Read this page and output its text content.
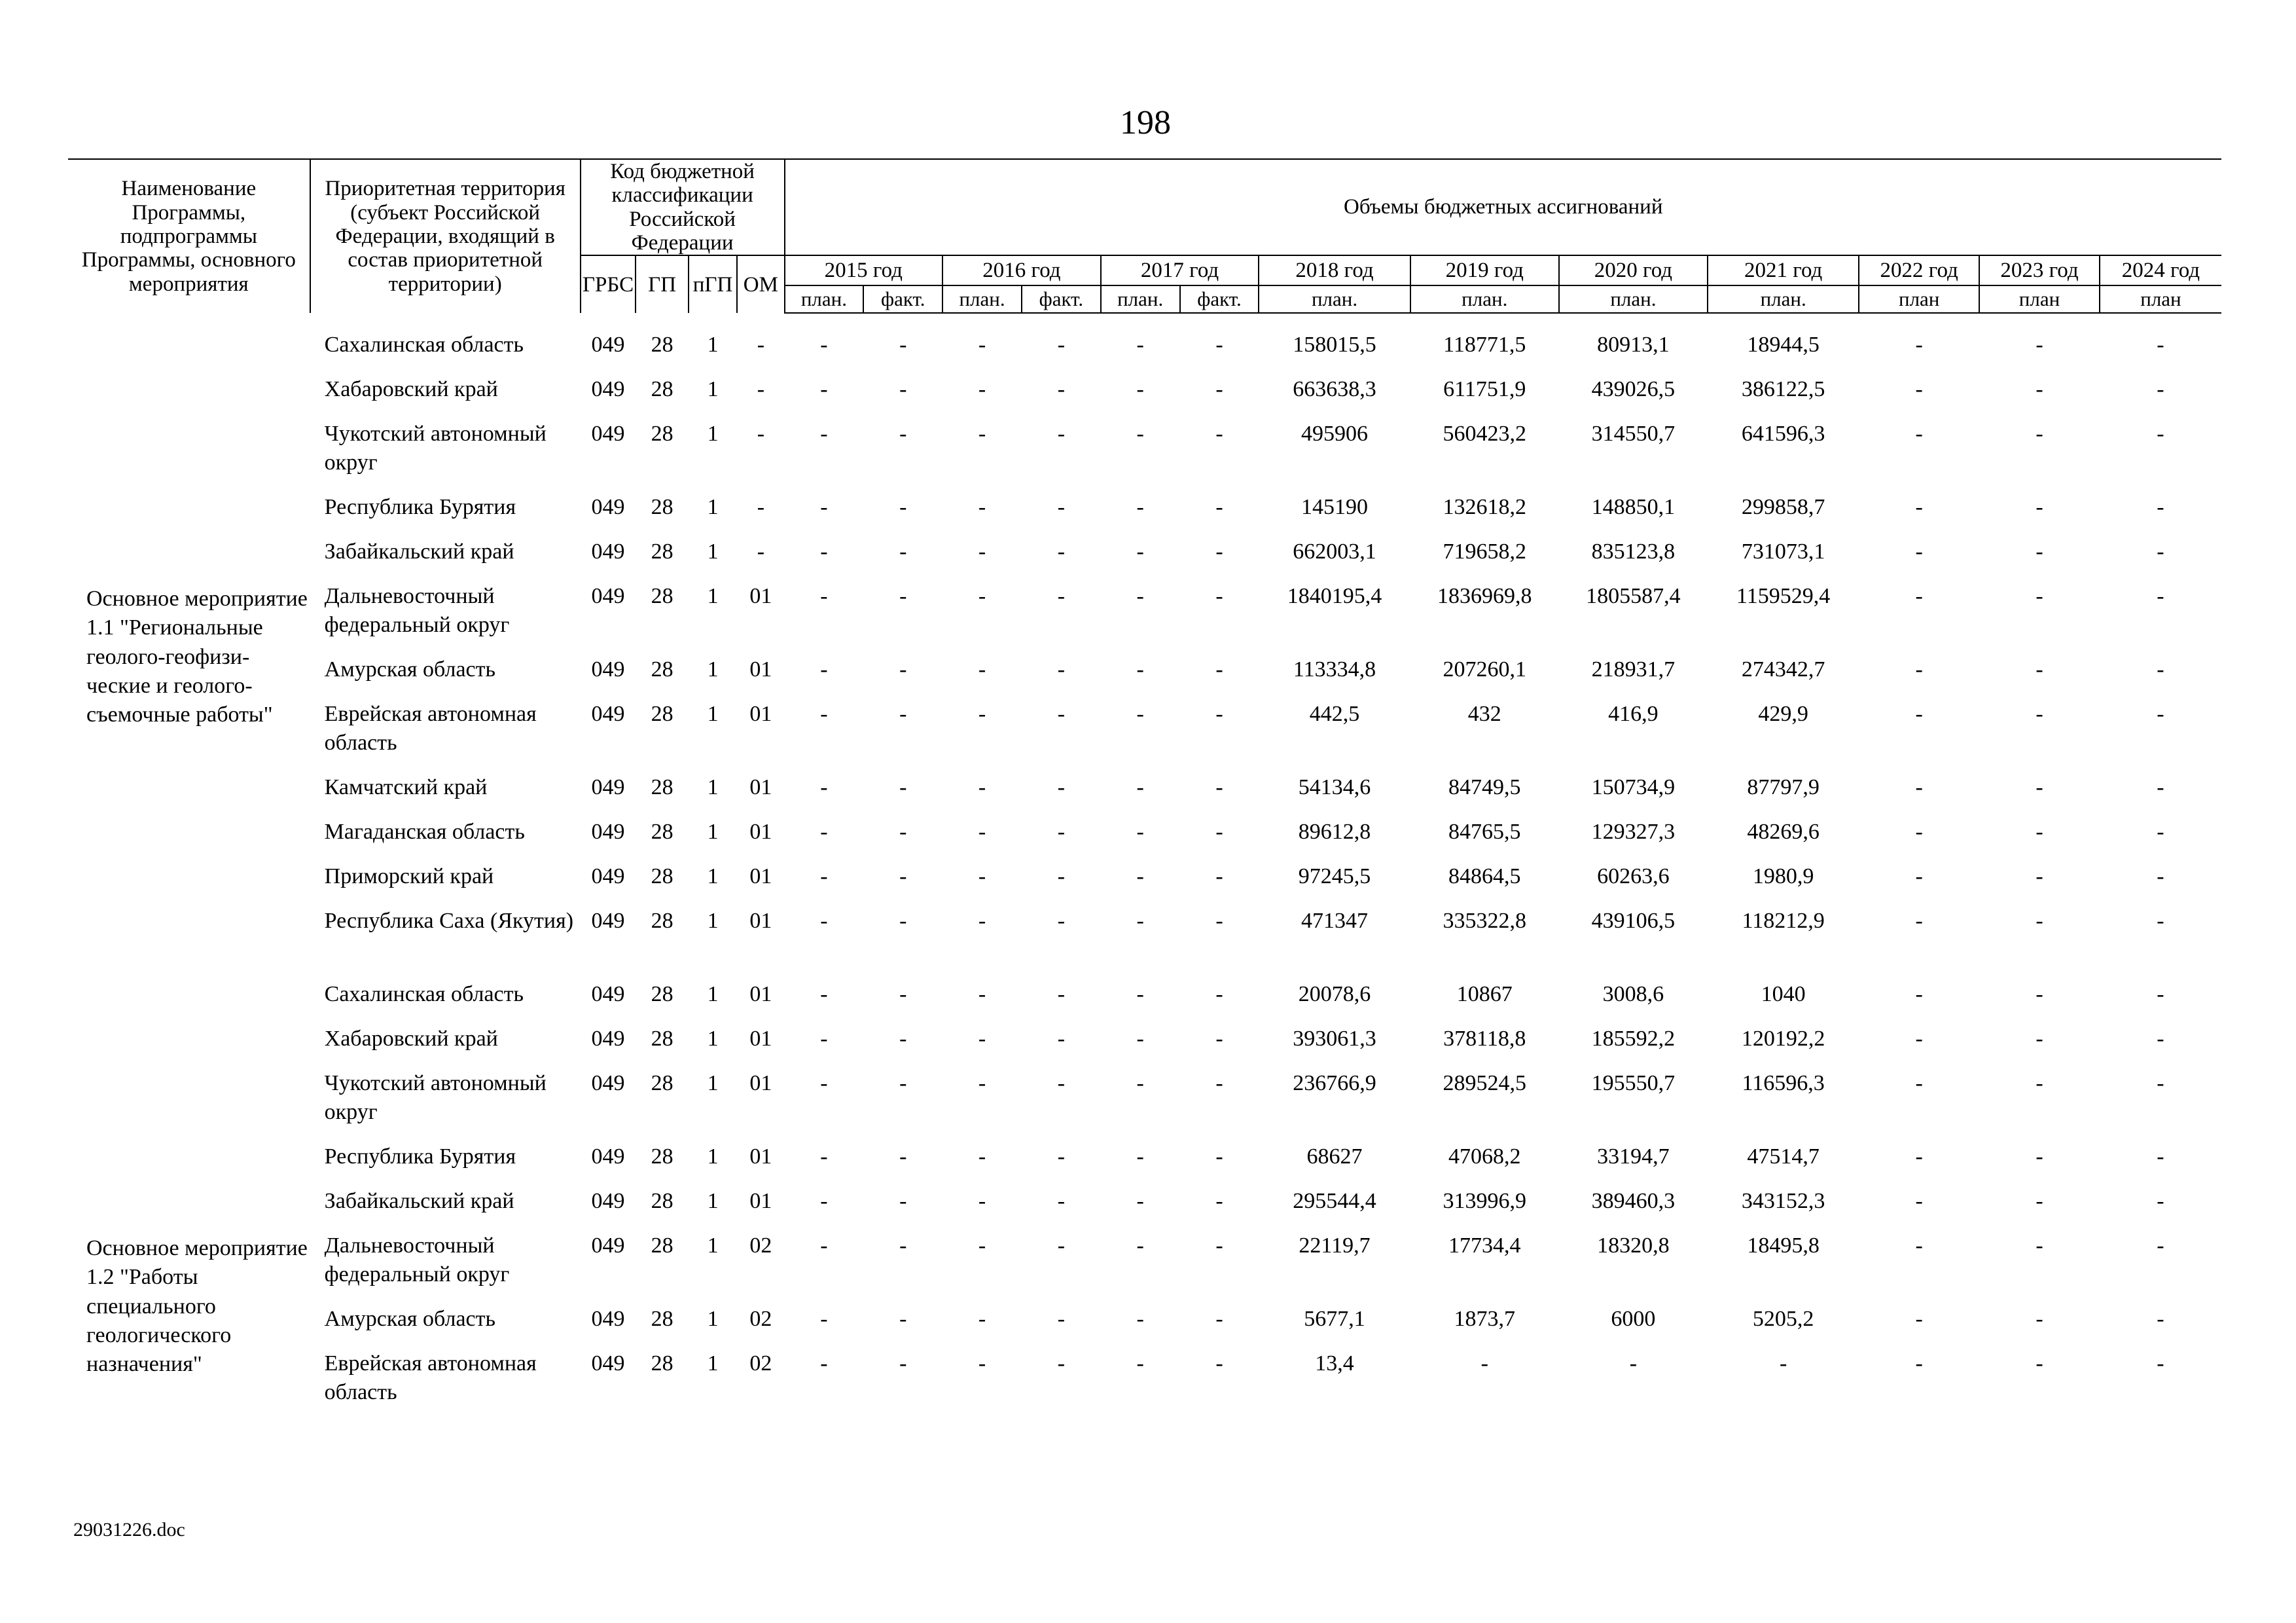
198
Наименование Программы, подпрограммы Программы, основного мероприятия	Приоритетная территория (субъект Российской Федерации, входящий в состав приоритетной территории)	Код бюджетной классификации Российской Федерации				Объемы бюджетных ассигнований												

		ГРБС	ГП	пГП	ОМ	2015 год		2016 год		2017 год		2018 год	2019 год	2020 год	2021 год	2022 год	2023 год	2024 год
						план.	факт.	план.	факт.	план.	факт.	план.	план.	план.	план.	план	план	план

	Сахалинская область	049	28	1	-	-	-	-	-	-	-	158015,5	118771,5	80913,1	18944,5	-	-	-
	Хабаровский край	049	28	1	-	-	-	-	-	-	-	663638,3	611751,9	439026,5	386122,5	-	-	-
	Чукотский автономный округ	049	28	1	-	-	-	-	-	-	-	495906	560423,2	314550,7	641596,3	-	-	-
	Республика Бурятия	049	28	1	-	-	-	-	-	-	-	145190	132618,2	148850,1	299858,7	-	-	-
	Забайкальский край	049	28	1	-	-	-	-	-	-	-	662003,1	719658,2	835123,8	731073,1	-	-	-
Основное мероприятие 1.1 "Региональные геолого-геофизи-ческие и геолого-съемочные работы"	Дальневосточный федеральный округ	049	28	1	01	-	-	-	-	-	-	1840195,4	1836969,8	1805587,4	1159529,4	-	-	-
	Амурская область	049	28	1	01	-	-	-	-	-	-	113334,8	207260,1	218931,7	274342,7	-	-	-
	Еврейская автономная область	049	28	1	01	-	-	-	-	-	-	442,5	432	416,9	429,9	-	-	-
	Камчатский край	049	28	1	01	-	-	-	-	-	-	54134,6	84749,5	150734,9	87797,9	-	-	-
	Магаданская область	049	28	1	01	-	-	-	-	-	-	89612,8	84765,5	129327,3	48269,6	-	-	-
	Приморский край	049	28	1	01	-	-	-	-	-	-	97245,5	84864,5	60263,6	1980,9	-	-	-
	Республика Саха (Якутия)	049	28	1	01	-	-	-	-	-	-	471347	335322,8	439106,5	118212,9	-	-	-
	Сахалинская область	049	28	1	01	-	-	-	-	-	-	20078,6	10867	3008,6	1040	-	-	-
	Хабаровский край	049	28	1	01	-	-	-	-	-	-	393061,3	378118,8	185592,2	120192,2	-	-	-
	Чукотский автономный округ	049	28	1	01	-	-	-	-	-	-	236766,9	289524,5	195550,7	116596,3	-	-	-
	Республика Бурятия	049	28	1	01	-	-	-	-	-	-	68627	47068,2	33194,7	47514,7	-	-	-
	Забайкальский край	049	28	1	01	-	-	-	-	-	-	295544,4	313996,9	389460,3	343152,3	-	-	-
Основное мероприятие 1.2 "Работы специального геологического назначения"	Дальневосточный федеральный округ	049	28	1	02	-	-	-	-	-	-	22119,7	17734,4	18320,8	18495,8	-	-	-
	Амурская область	049	28	1	02	-	-	-	-	-	-	5677,1	1873,7	6000	5205,2	-	-	-
	Еврейская автономная область	049	28	1	02	-	-	-	-	-	-	13,4	-	-	-	-	-	-
29031226.doc
